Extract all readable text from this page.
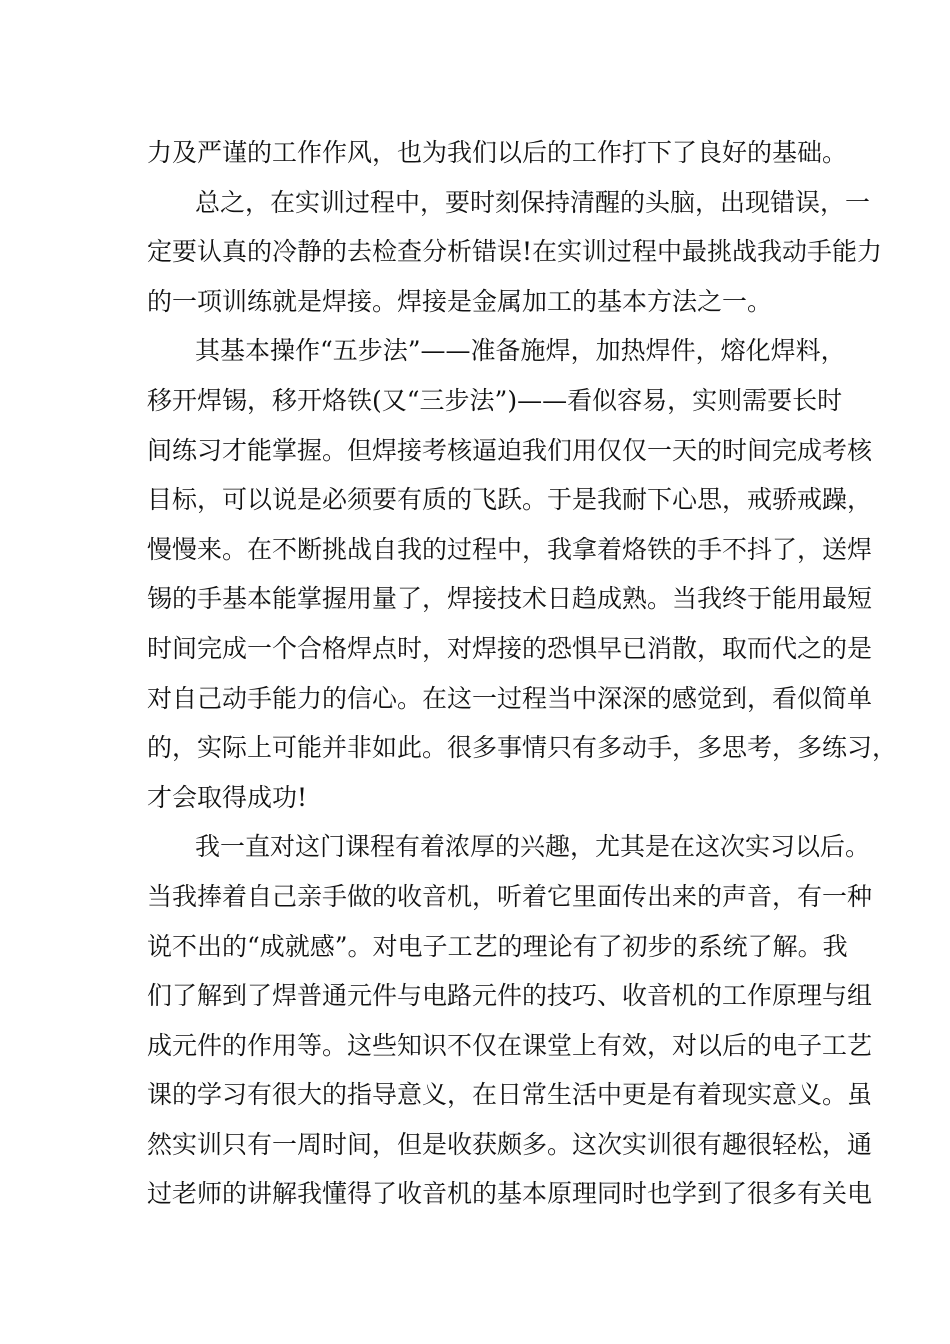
力及严谨的工作作风，也为我们以后的工作打下了良好的基础。
总之，在实训过程中，要时刻保持清醒的头脑，出现错误，一
定要认真的冷静的去检查分析错误!在实训过程中最挑战我动手能力
的一项训练就是焊接。焊接是金属加工的基本方法之一。
其基本操作“五步法”——准备施焊，加热焊件，熔化焊料，
移开焊锡，移开烙铁(又“三步法”)——看似容易，实则需要长时
间练习才能掌握。但焊接考核逼迫我们用仅仅一天的时间完成考核
目标，可以说是必须要有质的飞跃。于是我耐下心思，戒骄戒躁，
慢慢来。在不断挑战自我的过程中，我拿着烙铁的手不抖了，送焊
锡的手基本能掌握用量了，焊接技术日趋成熟。当我终于能用最短
时间完成一个合格焊点时，对焊接的恐惧早已消散，取而代之的是
对自己动手能力的信心。在这一过程当中深深的感觉到，看似简单
的，实际上可能并非如此。很多事情只有多动手，多思考，多练习，
才会取得成功!
我一直对这门课程有着浓厚的兴趣，尤其是在这次实习以后。
当我捧着自己亲手做的收音机，听着它里面传出来的声音，有一种
说不出的“成就感”。对电子工艺的理论有了初步的系统了解。我
们了解到了焊普通元件与电路元件的技巧、收音机的工作原理与组
成元件的作用等。这些知识不仅在课堂上有效，对以后的电子工艺
课的学习有很大的指导意义，在日常生活中更是有着现实意义。虽
然实训只有一周时间，但是收获颇多。这次实训很有趣很轻松，通
过老师的讲解我懂得了收音机的基本原理同时也学到了很多有关电
